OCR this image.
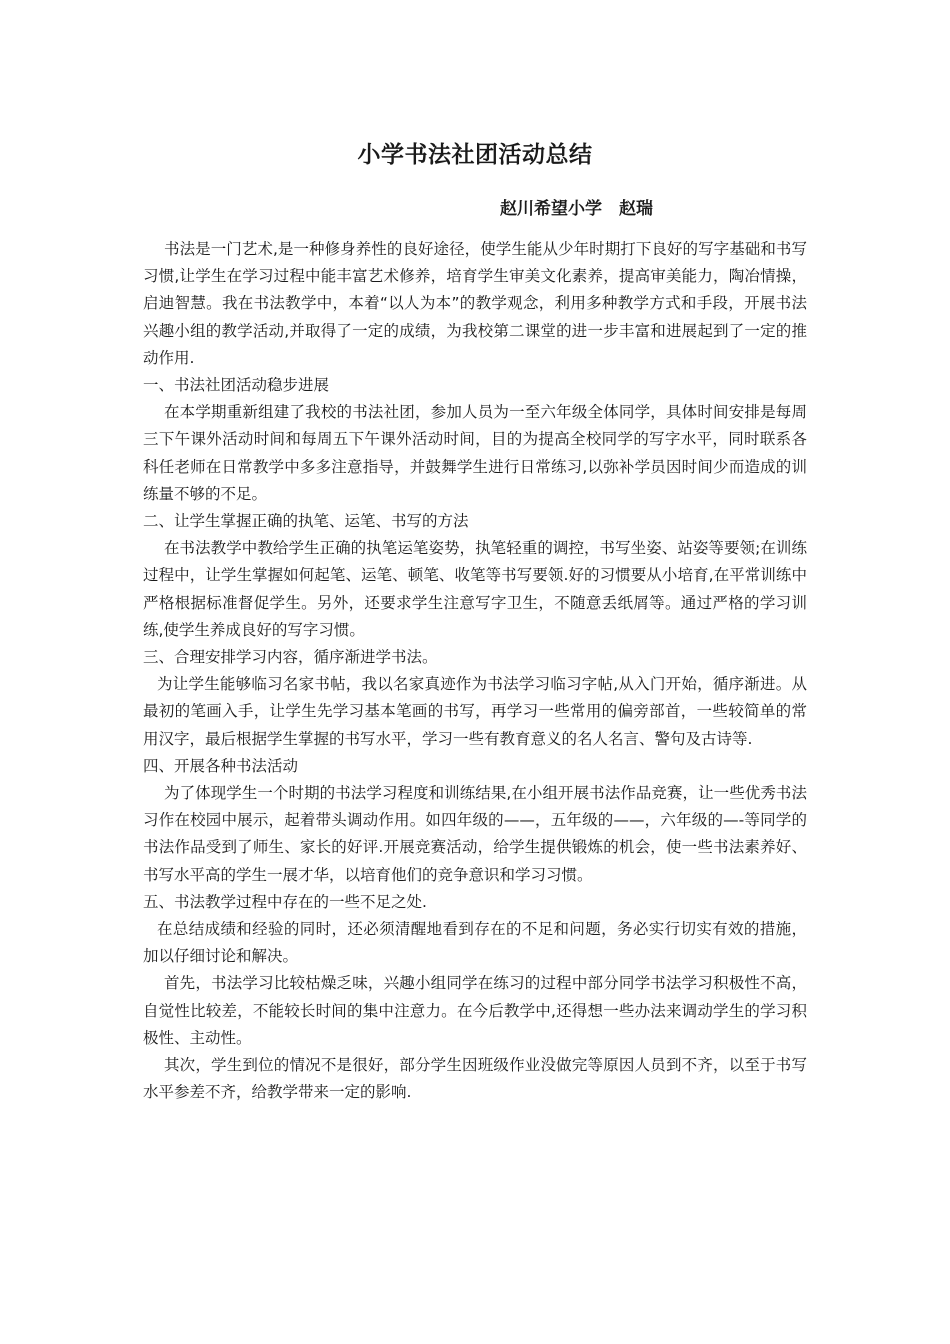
小学书法社团活动总结

赵川希望小学　赵瑞

书法是一门艺术,是一种修身养性的良好途径，使学生能从少年时期打下良好的写字基础和书写习惯,让学生在学习过程中能丰富艺术修养，培育学生审美文化素养，提高审美能力，陶冶情操，启迪智慧。我在书法教学中，本着“以人为本”的教学观念，利用多种教学方式和手段，开展书法兴趣小组的教学活动,并取得了一定的成绩，为我校第二课堂的进一步丰富和进展起到了一定的推动作用.

一、书法社团活动稳步进展

在本学期重新组建了我校的书法社团，参加人员为一至六年级全体同学，具体时间安排是每周三下午课外活动时间和每周五下午课外活动时间，目的为提高全校同学的写字水平，同时联系各科任老师在日常教学中多多注意指导，并鼓舞学生进行日常练习,以弥补学员因时间少而造成的训练量不够的不足。

二、让学生掌握正确的执笔、运笔、书写的方法

在书法教学中教给学生正确的执笔运笔姿势，执笔轻重的调控，书写坐姿、站姿等要领;在训练过程中，让学生掌握如何起笔、运笔、顿笔、收笔等书写要领.好的习惯要从小培育,在平常训练中严格根据标准督促学生。另外，还要求学生注意写字卫生，不随意丢纸屑等。通过严格的学习训练,使学生养成良好的写字习惯。

三、合理安排学习内容，循序渐进学书法。

为让学生能够临习名家书帖，我以名家真迹作为书法学习临习字帖,从入门开始，循序渐进。从最初的笔画入手，让学生先学习基本笔画的书写，再学习一些常用的偏旁部首，一些较简单的常用汉字，最后根据学生掌握的书写水平，学习一些有教育意义的名人名言、警句及古诗等.

四、开展各种书法活动

为了体现学生一个时期的书法学习程度和训练结果,在小组开展书法作品竞赛，让一些优秀书法习作在校园中展示，起着带头调动作用。如四年级的——，五年级的——，六年级的—-等同学的书法作品受到了师生、家长的好评.开展竞赛活动，给学生提供锻炼的机会，使一些书法素养好、书写水平高的学生一展才华，以培育他们的竞争意识和学习习惯。

五、书法教学过程中存在的一些不足之处.

在总结成绩和经验的同时，还必须清醒地看到存在的不足和问题，务必实行切实有效的措施，加以仔细讨论和解决。

首先，书法学习比较枯燥乏味，兴趣小组同学在练习的过程中部分同学书法学习积极性不高，自觉性比较差，不能较长时间的集中注意力。在今后教学中,还得想一些办法来调动学生的学习积极性、主动性。

其次，学生到位的情况不是很好，部分学生因班级作业没做完等原因人员到不齐，以至于书写水平参差不齐，给教学带来一定的影响.
